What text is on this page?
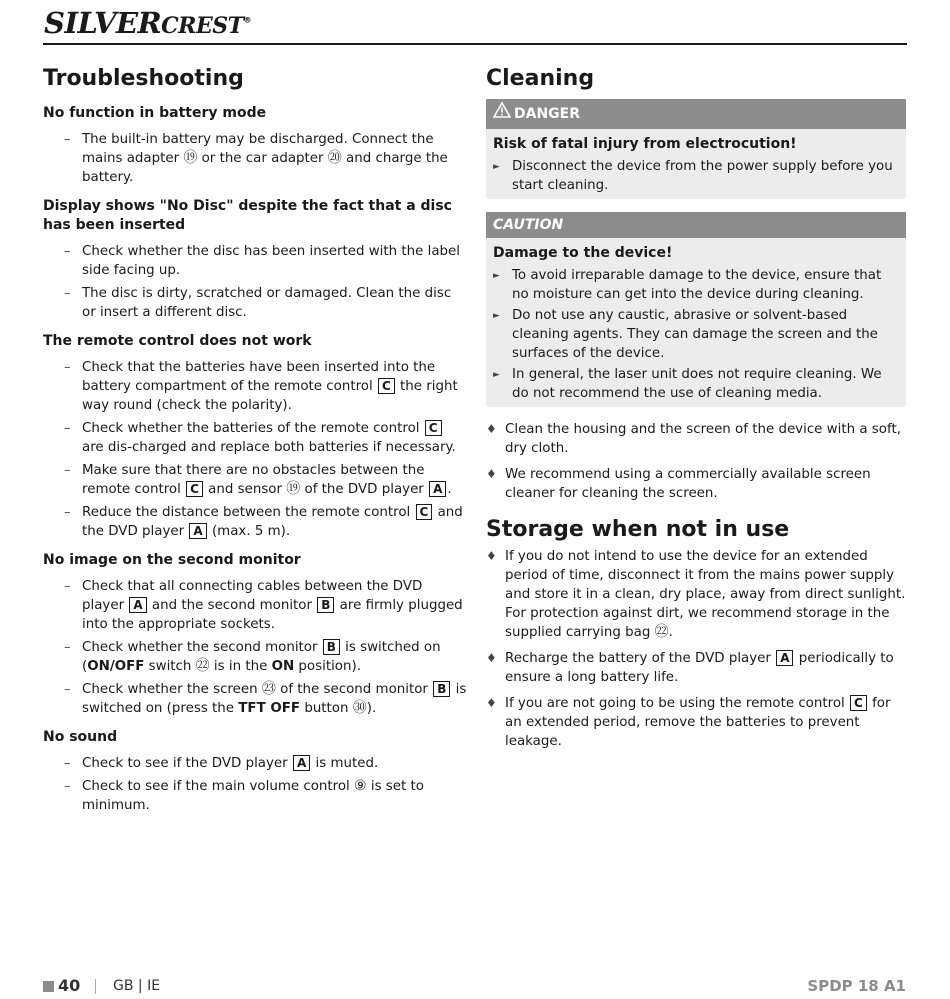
SILVERCREST®
Troubleshooting
No function in battery mode
– The built-in battery may be discharged. Connect the mains adapter ⑲ or the car adapter ⑳ and charge the battery.
Display shows "No Disc" despite the fact that a disc has been inserted
– Check whether the disc has been inserted with the label side facing up.
– The disc is dirty, scratched or damaged. Clean the disc or insert a different disc.
The remote control does not work
– Check that the batteries have been inserted into the battery compartment of the remote control C the right way round (check the polarity).
– Check whether the batteries of the remote control C are dis-charged and replace both batteries if necessary.
– Make sure that there are no obstacles between the remote control C and sensor ⑲ of the DVD player A .
– Reduce the distance between the remote control C and the DVD player A (max. 5 m).
No image on the second monitor
– Check that all connecting cables between the DVD player A and the second monitor B are firmly plugged into the appropriate sockets.
– Check whether the second monitor B is switched on (ON/OFF switch ㉒ is in the ON position).
– Check whether the screen ㉓ of the second monitor B is switched on (press the TFT OFF button ㉚).
No sound
– Check to see if the DVD player A is muted.
– Check to see if the main volume control ⑨ is set to minimum.
Cleaning
DANGER
Risk of fatal injury from electrocution!
► Disconnect the device from the power supply before you start cleaning.
CAUTION
Damage to the device!
► To avoid irreparable damage to the device, ensure that no moisture can get into the device during cleaning.
► Do not use any caustic, abrasive or solvent-based cleaning agents. They can damage the screen and the surfaces of the device.
► In general, the laser unit does not require cleaning. We do not recommend the use of cleaning media.
♦ Clean the housing and the screen of the device with a soft, dry cloth.
♦ We recommend using a commercially available screen cleaner for cleaning the screen.
Storage when not in use
♦ If you do not intend to use the device for an extended period of time, disconnect it from the mains power supply and store it in a clean, dry place, away from direct sunlight. For protection against dirt, we recommend storage in the supplied carrying bag ㉒.
♦ Recharge the battery of the DVD player A periodically to ensure a long battery life.
♦ If you are not going to be using the remote control C for an extended period, remove the batteries to prevent leakage.
40 GB | IE	SPDP 18 A1
